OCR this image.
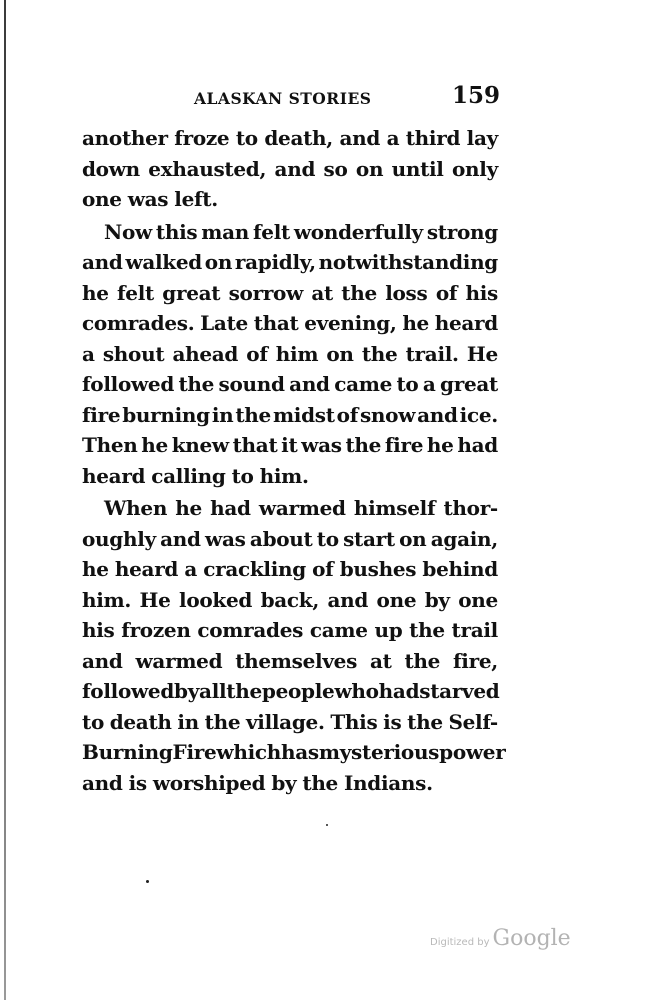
ALASKAN STORIES	159
another froze to death, and a third lay
down exhausted, and so on until only
one was left.
Now this man felt wonderfully strong
and walked on rapidly, notwithstanding
he felt great sorrow at the loss of his
comrades. Late that evening, he heard
a shout ahead of him on the trail. He
followed the sound and came to a great
fire burning in the midst of snow and ice.
Then he knew that it was the fire he had
heard calling to him.
When he had warmed himself thor-
oughly and was about to start on again,
he heard a crackling of bushes behind
him. He looked back, and one by one
his frozen comrades came up the trail
and warmed themselves at the fire,
followed by all the people who had starved
to death in the village. This is the Self-
Burning Fire which has mysterious power
and is worshiped by the Indians.
Digitized by Google
